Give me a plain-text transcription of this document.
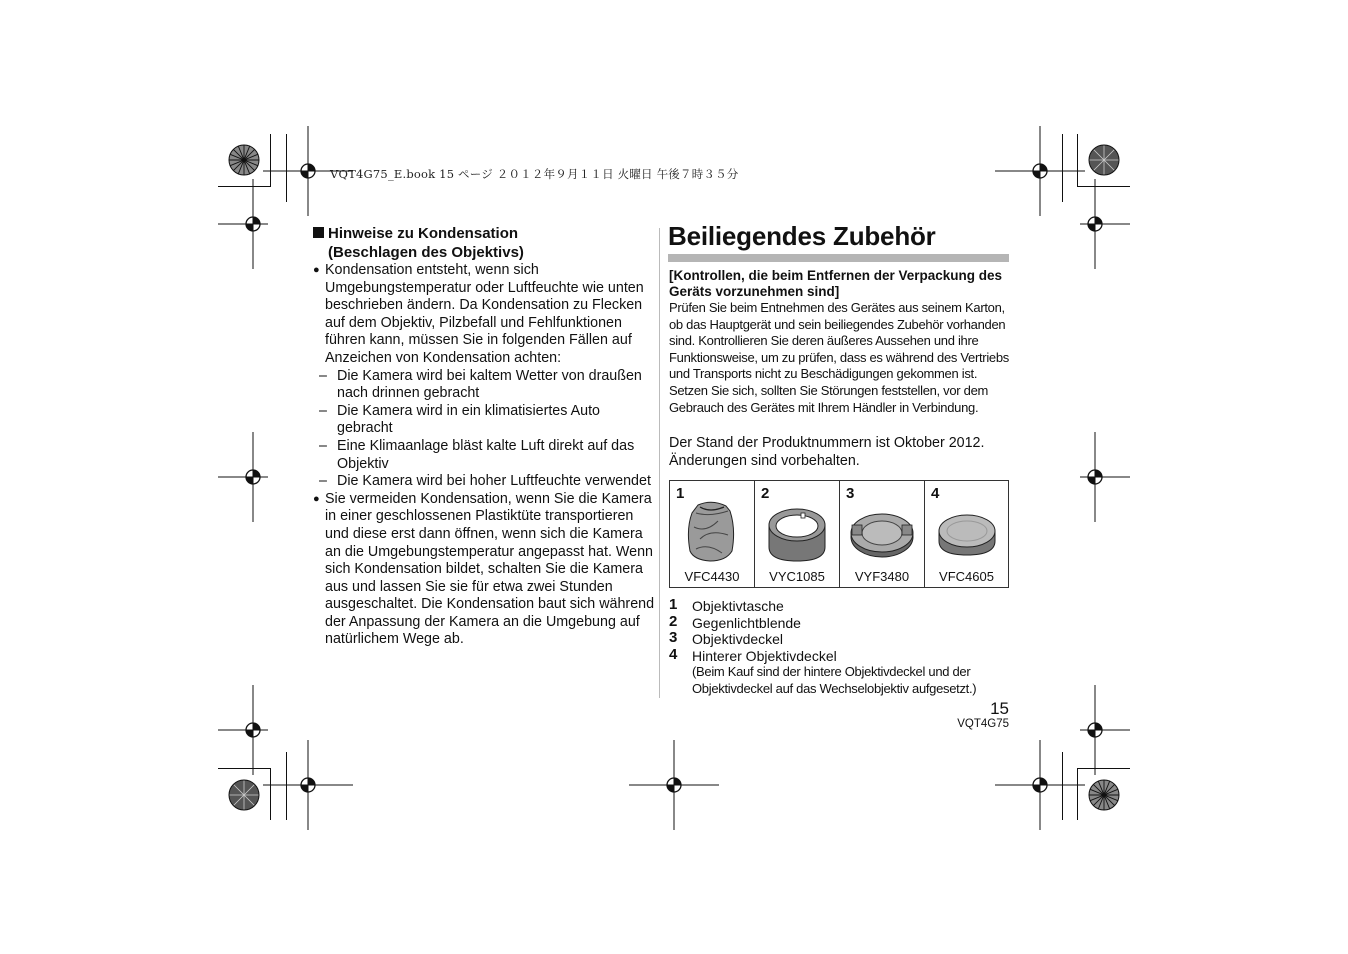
VQT4G75_E.book 15 ページ ２０１２年９月１１日 火曜日 午後７時３５分
Hinweise zu Kondensation
(Beschlagen des Objektivs)
● Kondensation entsteht, wenn sich Umgebungstemperatur oder Luftfeuchte wie unten beschrieben ändern. Da Kondensation zu Flecken auf dem Objektiv, Pilzbefall und Fehlfunktionen führen kann, müssen Sie in folgenden Fällen auf Anzeichen von Kondensation achten:
– Die Kamera wird bei kaltem Wetter von draußen nach drinnen gebracht
– Die Kamera wird in ein klimatisiertes Auto gebracht
– Eine Klimaanlage bläst kalte Luft direkt auf das Objektiv
– Die Kamera wird bei hoher Luftfeuchte verwendet
● Sie vermeiden Kondensation, wenn Sie die Kamera in einer geschlossenen Plastiktüte transportieren und diese erst dann öffnen, wenn sich die Kamera an die Umgebungstemperatur angepasst hat. Wenn sich Kondensation bildet, schalten Sie die Kamera aus und lassen Sie sie für etwa zwei Stunden ausgeschaltet. Die Kondensation baut sich während der Anpassung der Kamera an die Umgebung auf natürlichem Wege ab.
Beiliegendes Zubehör
[Kontrollen, die beim Entfernen der Verpackung des Geräts vorzunehmen sind]
Prüfen Sie beim Entnehmen des Gerätes aus seinem Karton, ob das Hauptgerät und sein beiliegendes Zubehör vorhanden sind. Kontrollieren Sie deren äußeres Aussehen und ihre Funktionsweise, um zu prüfen, dass es während des Vertriebs und Transports nicht zu Beschädigungen gekommen ist.
Setzen Sie sich, sollten Sie Störungen feststellen, vor dem Gebrauch des Gerätes mit Ihrem Händler in Verbindung.
Der Stand der Produktnummern ist Oktober 2012. Änderungen sind vorbehalten.
1
VFC4430
2
VYC1085
3
VYF3480
4
VFC4605
1 Objektivtasche
2 Gegenlichtblende
3 Objektivdeckel
4 Hinterer Objektivdeckel
(Beim Kauf sind der hintere Objektivdeckel und der Objektivdeckel auf das Wechselobjektiv aufgesetzt.)
15
VQT4G75
